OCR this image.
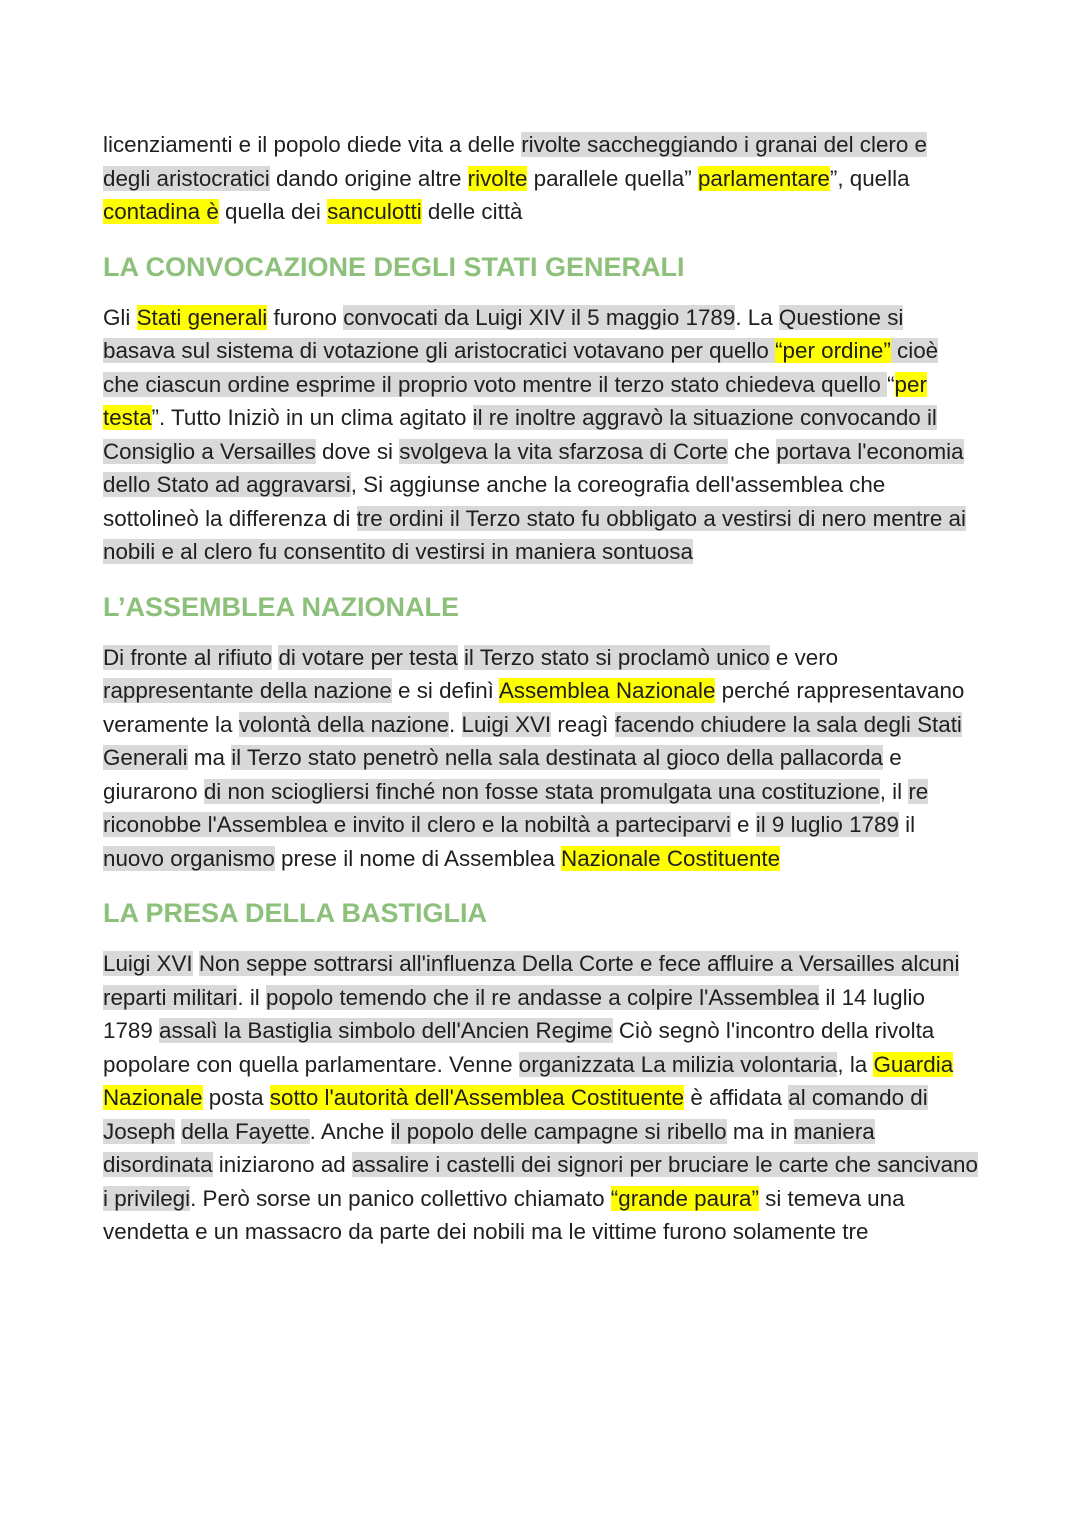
licenziamenti e il popolo diede vita a delle rivolte saccheggiando i granai del clero e degli aristocratici dando origine altre rivolte parallele quella” parlamentare”, quella contadina è quella dei sanculotti delle città

LA CONVOCAZIONE DEGLI STATI GENERALI

Gli Stati generali furono convocati da Luigi XIV il 5 maggio 1789. La Questione si basava sul sistema di votazione gli aristocratici votavano per quello “per ordine” cioè che ciascun ordine esprime il proprio voto mentre il terzo stato chiedeva quello “per testa”. Tutto Iniziò in un clima agitato il re inoltre aggravò la situazione convocando il Consiglio a Versailles dove si svolgeva la vita sfarzosa di Corte che portava l'economia dello Stato ad aggravarsi, Si aggiunse anche la coreografia dell'assemblea che sottolineò la differenza di tre ordini il Terzo stato fu obbligato a vestirsi di nero mentre ai nobili e al clero fu consentito di vestirsi in maniera sontuosa

L’ASSEMBLEA NAZIONALE

Di fronte al rifiuto di votare per testa il Terzo stato si proclamò unico e vero rappresentante della nazione e si definì Assemblea Nazionale perché rappresentavano veramente la volontà della nazione. Luigi XVI reagì facendo chiudere la sala degli Stati Generali ma il Terzo stato penetrò nella sala destinata al gioco della pallacorda e giurarono di non sciogliersi finché non fosse stata promulgata una costituzione, il re riconobbe l'Assemblea e invito il clero e la nobiltà a parteciparvi e il 9 luglio 1789 il nuovo organismo prese il nome di Assemblea Nazionale Costituente

LA PRESA DELLA BASTIGLIA

Luigi XVI Non seppe sottrarsi all'influenza Della Corte e fece affluire a Versailles alcuni reparti militari. il popolo temendo che il re andasse a colpire l'Assemblea il 14 luglio 1789 assalì la Bastiglia simbolo dell'Ancien Regime Ciò segnò l'incontro della rivolta popolare con quella parlamentare. Venne organizzata La milizia volontaria, la Guardia Nazionale posta sotto l'autorità dell'Assemblea Costituente è affidata al comando di Joseph della Fayette. Anche il popolo delle campagne si ribello ma in maniera disordinata iniziarono ad assalire i castelli dei signori per bruciare le carte che sancivano i privilegi. Però sorse un panico collettivo chiamato “grande paura” si temeva una vendetta e un massacro da parte dei nobili ma le vittime furono solamente tre
